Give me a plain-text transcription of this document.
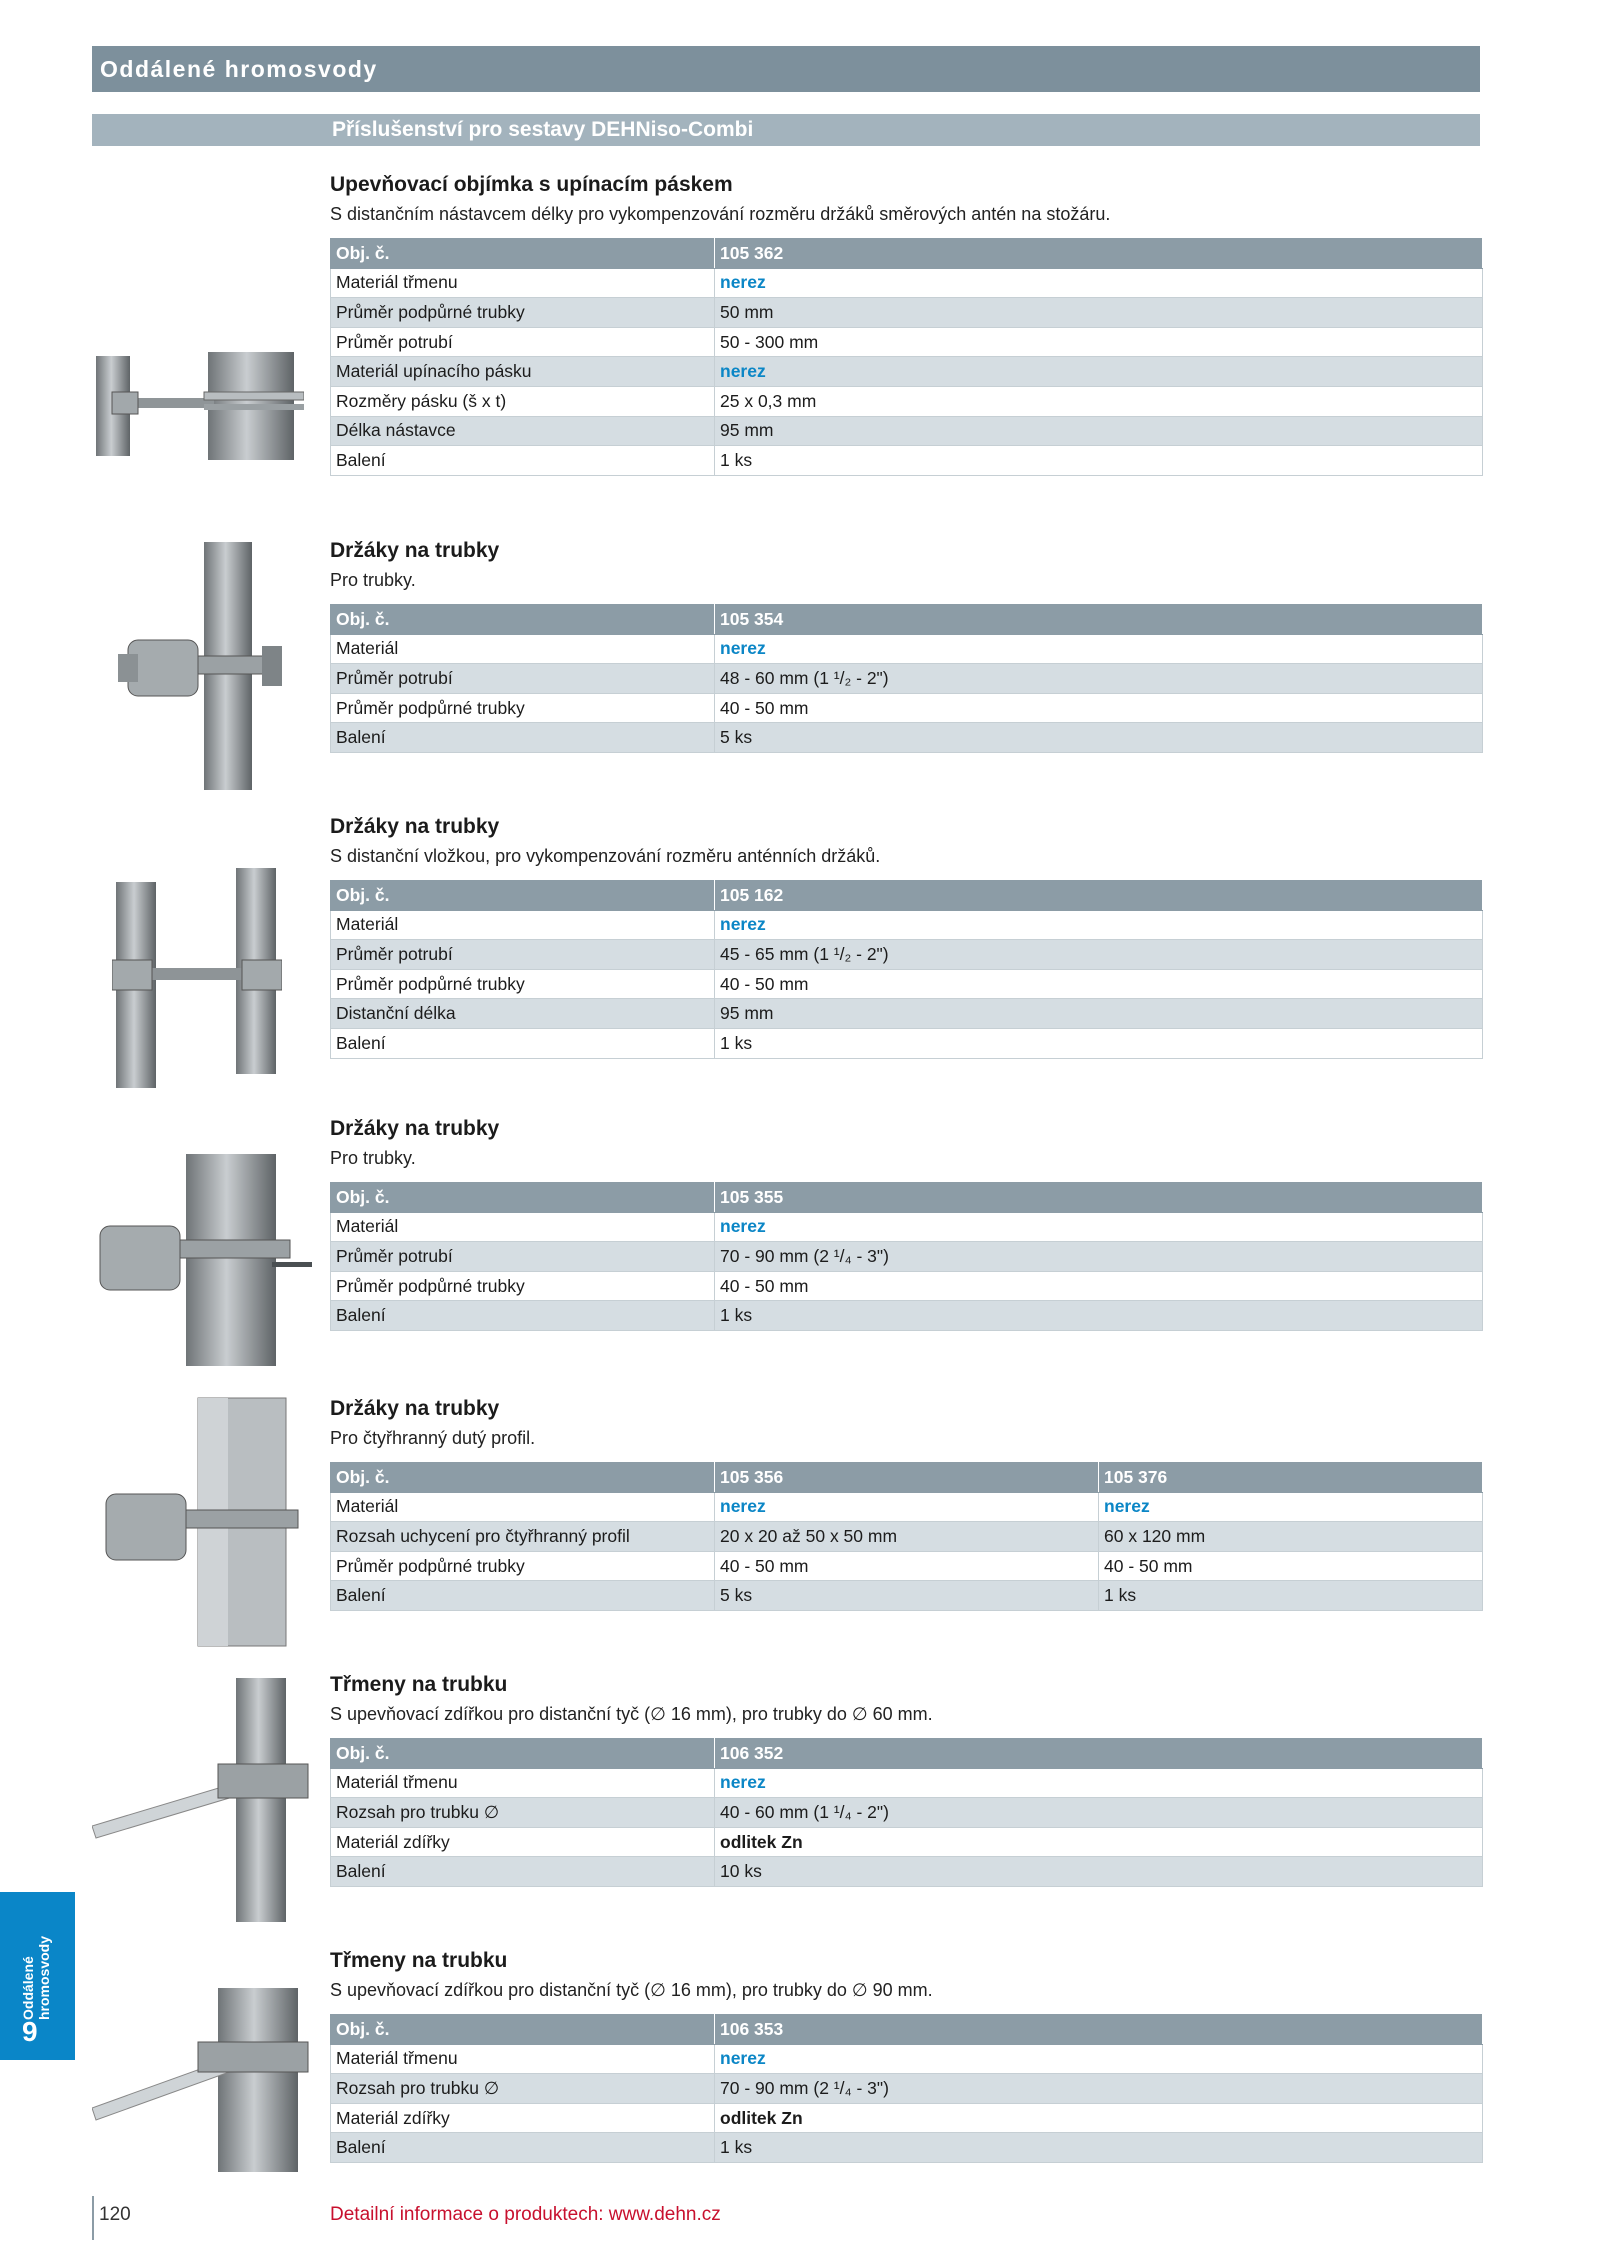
Oddálené hromosvody
Příslušenství pro sestavy DEHNiso-Combi
Upevňovací objímka s upínacím páskem
S distančním nástavcem délky pro vykompenzování rozměru držáků směrových antén na stožáru.
Obj. č.	105 362
Materiál třmenu	nerez
Průměr podpůrné trubky	50 mm
Průměr potrubí	50 - 300 mm
Materiál upínacího pásku	nerez
Rozměry pásku (š x t)	25 x 0,3 mm
Délka nástavce	95 mm
Balení	1 ks
Držáky na trubky
Pro trubky.
Obj. č.	105 354
Materiál	nerez
Průměr potrubí	48 - 60 mm (1 ¹/₂ - 2")
Průměr podpůrné trubky	40 - 50 mm
Balení	5 ks
Držáky na trubky
S distanční vložkou, pro vykompenzování rozměru anténních držáků.
Obj. č.	105 162
Materiál	nerez
Průměr potrubí	45 - 65 mm (1 ¹/₂ - 2")
Průměr podpůrné trubky	40 - 50 mm
Distanční délka	95 mm
Balení	1 ks
Držáky na trubky
Pro trubky.
Obj. č.	105 355
Materiál	nerez
Průměr potrubí	70 - 90 mm (2 ¹/₄ - 3")
Průměr podpůrné trubky	40 - 50 mm
Balení	1 ks
Držáky na trubky
Pro čtyřhranný dutý profil.
Obj. č.	105 356	105 376
Materiál	nerez	nerez
Rozsah uchycení pro čtyřhranný profil	20 x 20 až 50 x 50 mm	60 x 120 mm
Průměr podpůrné trubky	40 - 50 mm	40 - 50 mm
Balení	5 ks	1 ks
Třmeny na trubku
S upevňovací zdířkou pro distanční tyč (∅ 16 mm), pro trubky do ∅ 60 mm.
Obj. č.	106 352
Materiál třmenu	nerez
Rozsah pro trubku ∅	40 - 60 mm (1 ¹/₄ - 2")
Materiál zdířky	odlitek Zn
Balení	10 ks
Třmeny na trubku
S upevňovací zdířkou pro distanční tyč (∅ 16 mm), pro trubky do ∅ 90 mm.
Obj. č.	106 353
Materiál třmenu	nerez
Rozsah pro trubku ∅	70 - 90 mm (2 ¹/₄ - 3")
Materiál zdířky	odlitek Zn
Balení	1 ks
Oddálené hromosvody
9
120	Detailní informace o produktech: www.dehn.cz
